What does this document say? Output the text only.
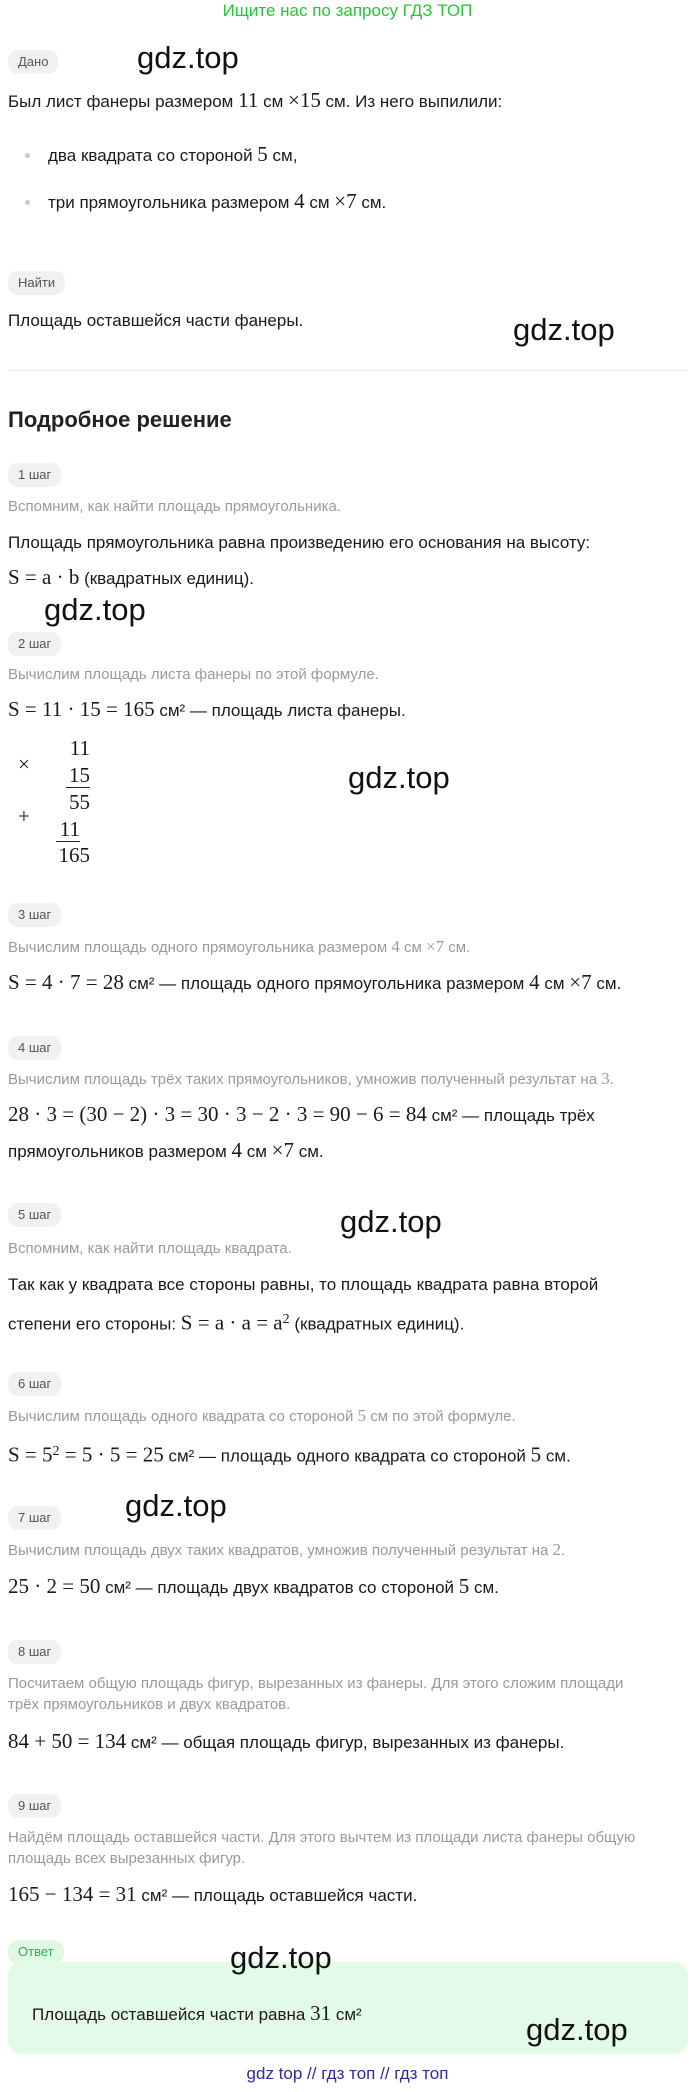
Ищите нас по запросу ГДЗ ТОП
Дано	gdz.top
Был лист фанеры размером 11 см ×15 см. Из него выпилили:
два квадрата со стороной 5 см,
три прямоугольника размером 4 см ×7 см.
Найти
Площадь оставшейся части фанеры.	gdz.top
Подробное решение
1 шаг
Вспомним, как найти площадь прямоугольника.
Площадь прямоугольника равна произведению его основания на высоту:
S = a · b (квадратных единиц).
gdz.top
2 шаг
Вычислим площадь листа фанеры по этой формуле.
S = 11 · 15 = 165 см² — площадь листа фанеры.
×
11
15
55
+
11
165
gdz.top
3 шаг
Вычислим площадь одного прямоугольника размером 4 см ×7 см.
S = 4 · 7 = 28 см² — площадь одного прямоугольника размером 4 см ×7 см.
4 шаг
Вычислим площадь трёх таких прямоугольников, умножив полученный результат на 3.
28 · 3 = (30 − 2) · 3 = 30 · 3 − 2 · 3 = 90 − 6 = 84 см² — площадь трёх
прямоугольников размером 4 см ×7 см.
5 шаг	gdz.top
Вспомним, как найти площадь квадрата.
Так как у квадрата все стороны равны, то площадь квадрата равна второй
степени его стороны: $S = a \cdot a = a^2$ (квадратных единиц).
6 шаг
Вычислим площадь одного квадрата со стороной 5 см по этой формуле.
$S = 5^2 = 5 \cdot 5 = 25$ см² — площадь одного квадрата со стороной 5 см.
7 шаг	gdz.top
Вычислим площадь двух таких квадратов, умножив полученный результат на 2.
25 · 2 = 50 см² — площадь двух квадратов со стороной 5 см.
8 шаг
Посчитаем общую площадь фигур, вырезанных из фанеры. Для этого сложим площади
трёх прямоугольников и двух квадратов.
84 + 50 = 134 см² — общая площадь фигур, вырезанных из фанеры.
9 шаг
Найдём площадь оставшейся части. Для этого вычтем из площади листа фанеры общую
площадь всех вырезанных фигур.
165 − 134 = 31 см² — площадь оставшейся части.
Ответ	gdz.top
Площадь оставшейся части равна 31 см²	gdz.top
gdz top // гдз топ // гдз топ
